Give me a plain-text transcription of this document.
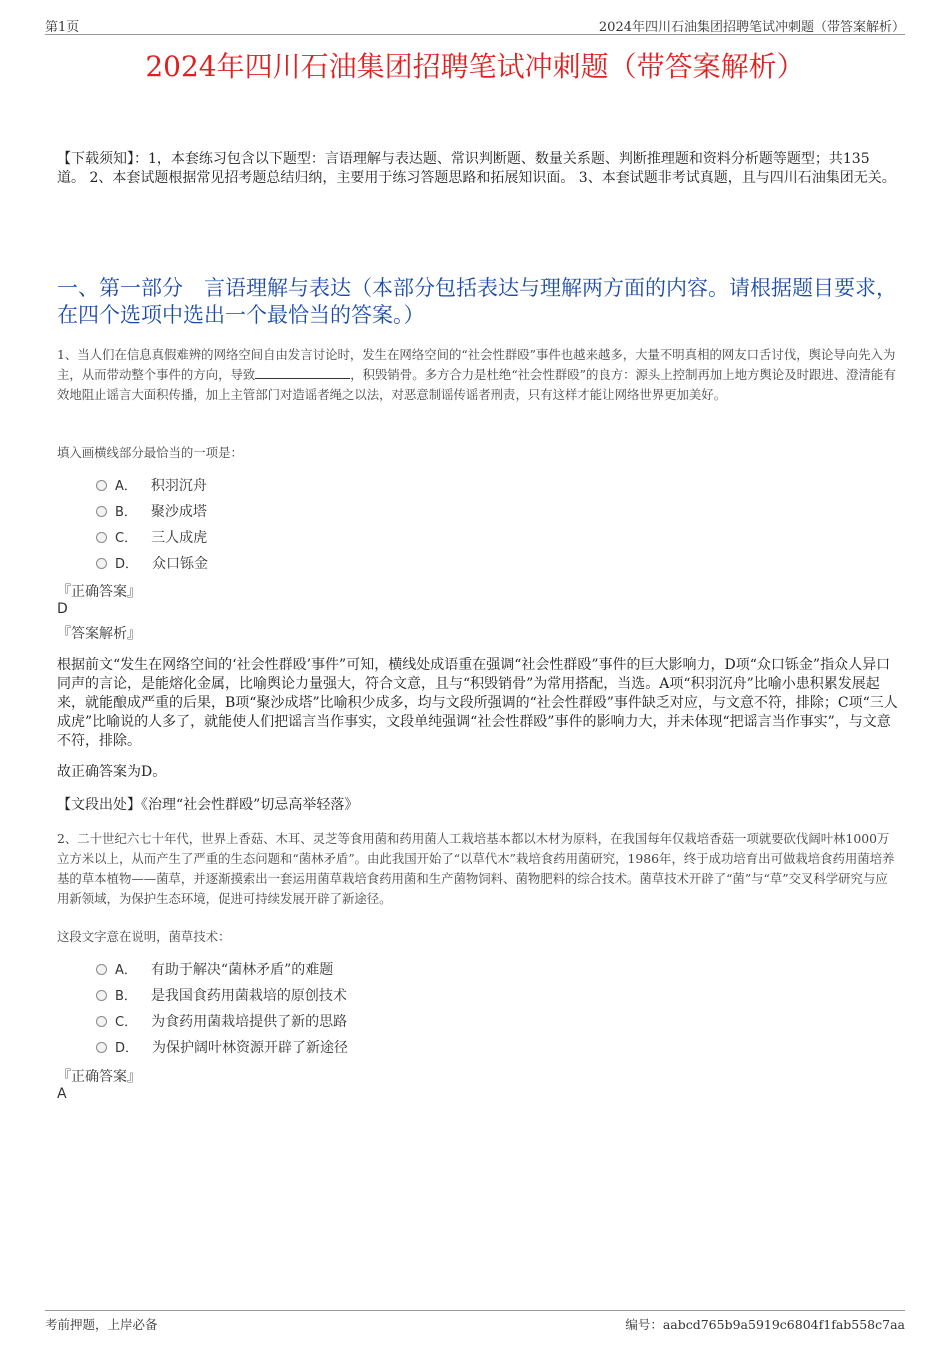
第1页	2024年四川石油集团招聘笔试冲刺题（带答案解析）
2024年四川石油集团招聘笔试冲刺题（带答案解析）
【下载须知】：1，本套练习包含以下题型：言语理解与表达题、常识判断题、数量关系题、判断推理题和资料分析题等题型；共135道。 2、本套试题根据常见招考题总结归纳，主要用于练习答题思路和拓展知识面。 3、本套试题非考试真题，且与四川石油集团无关。
一、第一部分　言语理解与表达（本部分包括表达与理解两方面的内容。请根据题目要求，在四个选项中选出一个最恰当的答案。）
1、当人们在信息真假难辨的网络空间自由发言讨论时，发生在网络空间的“社会性群殴”事件也越来越多，大量不明真相的网友口舌讨伐，舆论导向先入为主，从而带动整个事件的方向，导致	，积毁销骨。多方合力是杜绝“社会性群殴”的良方：源头上控制再加上地方舆论及时跟进、澄清能有效地阻止谣言大面积传播，加上主管部门对造谣者绳之以法，对恶意制谣传谣者刑责，只有这样才能让网络世界更加美好。
填入画横线部分最恰当的一项是：
A． 积羽沉舟
B． 聚沙成塔
C． 三人成虎
D． 众口铄金
『正确答案』
D
『答案解析』
根据前文“发生在网络空间的‘社会性群殴’事件”可知，横线处成语重在强调“社会性群殴”事件的巨大影响力，D项“众口铄金”指众人异口同声的言论，是能熔化金属，比喻舆论力量强大，符合文意，且与“积毁销骨”为常用搭配，当选。A项“积羽沉舟”比喻小患积累发展起来，就能酿成严重的后果，B项“聚沙成塔”比喻积少成多，均与文段所强调的“社会性群殴”事件缺乏对应，与文意不符，排除；C项“三人成虎”比喻说的人多了，就能使人们把谣言当作事实，文段单纯强调“社会性群殴”事件的影响力大，并未体现“把谣言当作事实”，与文意不符，排除。
故正确答案为D。
【文段出处】《治理“社会性群殴”切忌高举轻落》
2、二十世纪六七十年代，世界上香菇、木耳、灵芝等食用菌和药用菌人工栽培基本都以木材为原料，在我国每年仅栽培香菇一项就要砍伐阔叶林1000万立方米以上，从而产生了严重的生态问题和“菌林矛盾”。由此我国开始了“以草代木”栽培食药用菌研究，1986年，终于成功培育出可做栽培食药用菌培养基的草本植物——菌草，并逐渐摸索出一套运用菌草栽培食药用菌和生产菌物饲料、菌物肥料的综合技术。菌草技术开辟了“菌”与“草”交叉科学研究与应用新领域，为保护生态环境，促进可持续发展开辟了新途径。
这段文字意在说明，菌草技术：
A． 有助于解决“菌林矛盾”的难题
B． 是我国食药用菌栽培的原创技术
C． 为食药用菌栽培提供了新的思路
D． 为保护阔叶林资源开辟了新途径
『正确答案』
A
考前押题，上岸必备	编号：aabcd765b9a5919c6804f1fab558c7aa
